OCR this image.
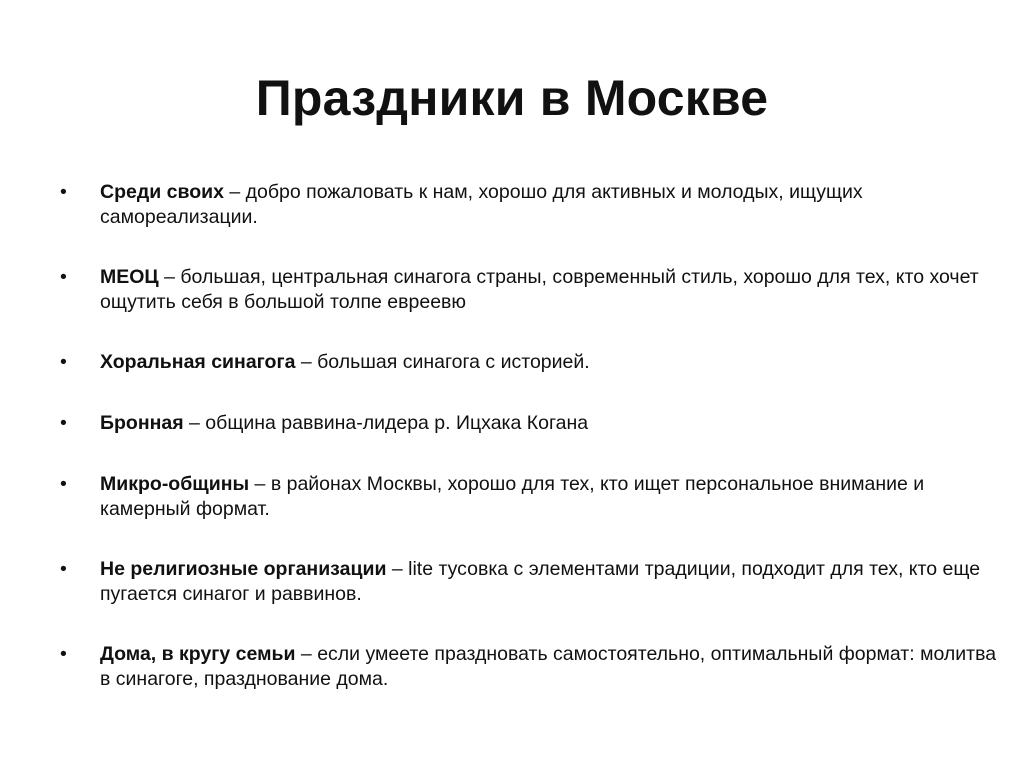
Праздники в Москве
•	Среди своих – добро пожаловать к нам, хорошо для активных и молодых, ищущих самореализации.
•	МЕОЦ – большая, центральная синагога страны, современный стиль, хорошо для тех, кто хочет ощутить себя в большой толпе евреевю
•	Хоральная синагога – большая синагога с историей.
•	Бронная – община раввина-лидера р. Ицхака Когана
•	Микро-общины – в районах Москвы, хорошо для тех, кто ищет персональное внимание и камерный формат.
•	Не религиозные организации – lite тусовка с элементами традиции, подходит для тех, кто еще пугается синагог и раввинов.
•	Дома, в кругу семьи – если умеете праздновать самостоятельно, оптимальный формат: молитва в синагоге, празднование дома.
